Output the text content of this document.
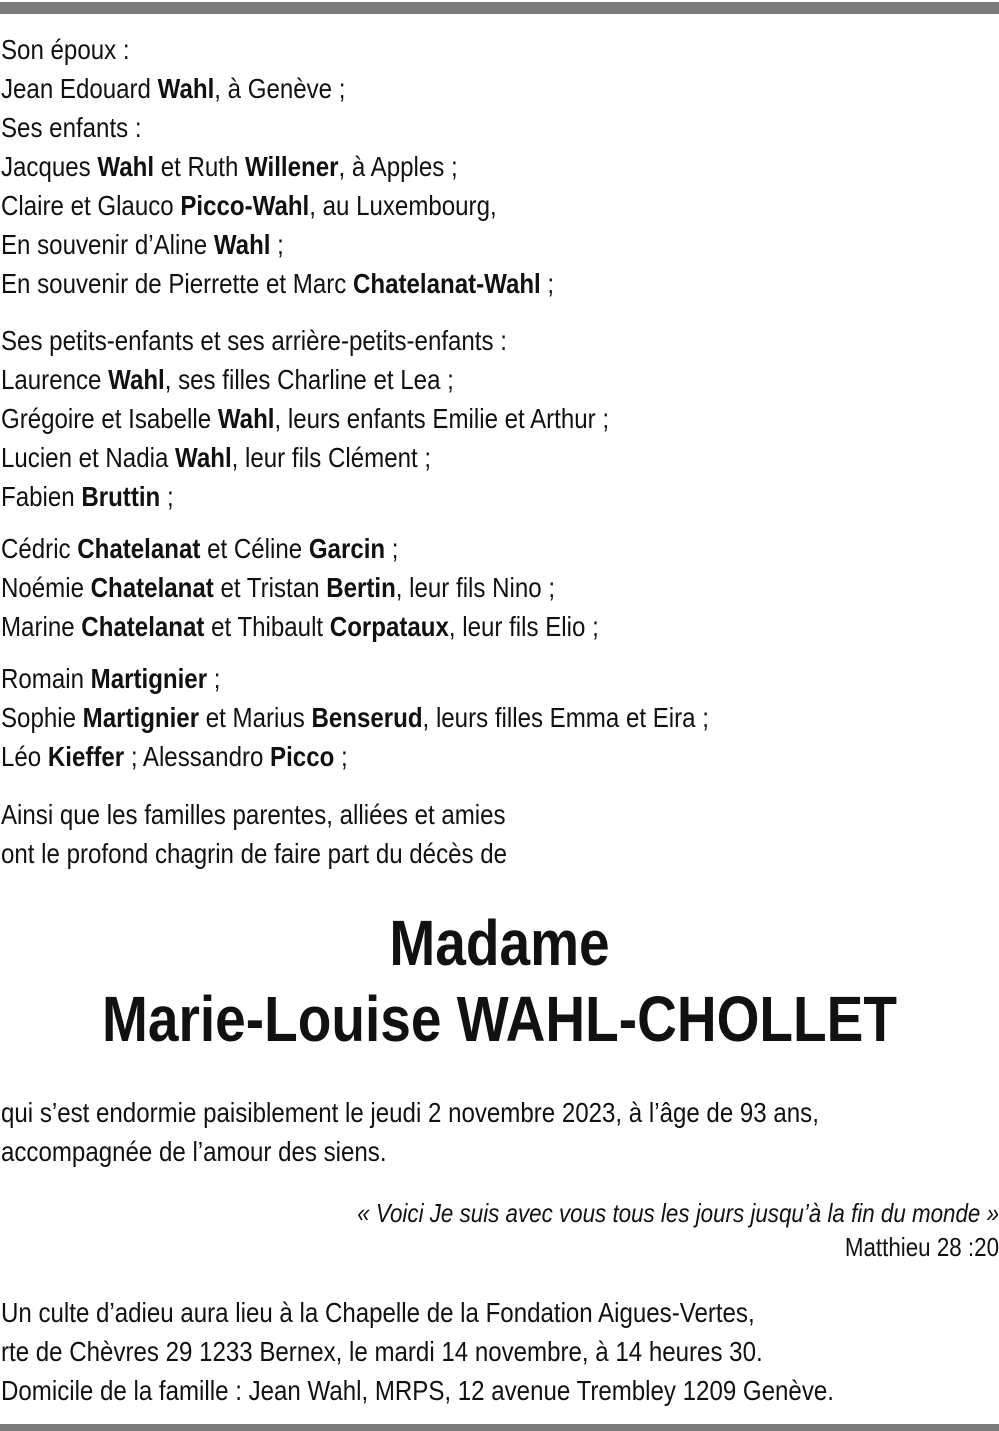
Son époux :
Jean Edouard Wahl, à Genève ;
Ses enfants :
Jacques Wahl et Ruth Willener, à Apples ;
Claire et Glauco Picco-Wahl, au Luxembourg,
En souvenir d’Aline Wahl ;
En souvenir de Pierrette et Marc Chatelanat-Wahl ;
Ses petits-enfants et ses arrière-petits-enfants :
Laurence Wahl, ses filles Charline et Lea ;
Grégoire et Isabelle Wahl, leurs enfants Emilie et Arthur ;
Lucien et Nadia Wahl, leur fils Clément ;
Fabien Bruttin ;
Cédric Chatelanat et Céline Garcin ;
Noémie Chatelanat et Tristan Bertin, leur fils Nino ;
Marine Chatelanat et Thibault Corpataux, leur fils Elio ;
Romain Martignier ;
Sophie Martignier et Marius Benserud, leurs filles Emma et Eira ;
Léo Kieffer ; Alessandro Picco ;
Ainsi que les familles parentes, alliées et amies
ont le profond chagrin de faire part du décès de
Madame
Marie-Louise WAHL-CHOLLET
qui s’est endormie paisiblement le jeudi 2 novembre 2023, à l’âge de 93 ans,
accompagnée de l’amour des siens.
« Voici Je suis avec vous tous les jours jusqu’à la fin du monde »
Matthieu 28 :20
Un culte d’adieu aura lieu à la Chapelle de la Fondation Aigues-Vertes,
rte de Chèvres 29 1233 Bernex, le mardi 14 novembre, à 14 heures 30.
Domicile de la famille : Jean Wahl, MRPS, 12 avenue Trembley 1209 Genève.
